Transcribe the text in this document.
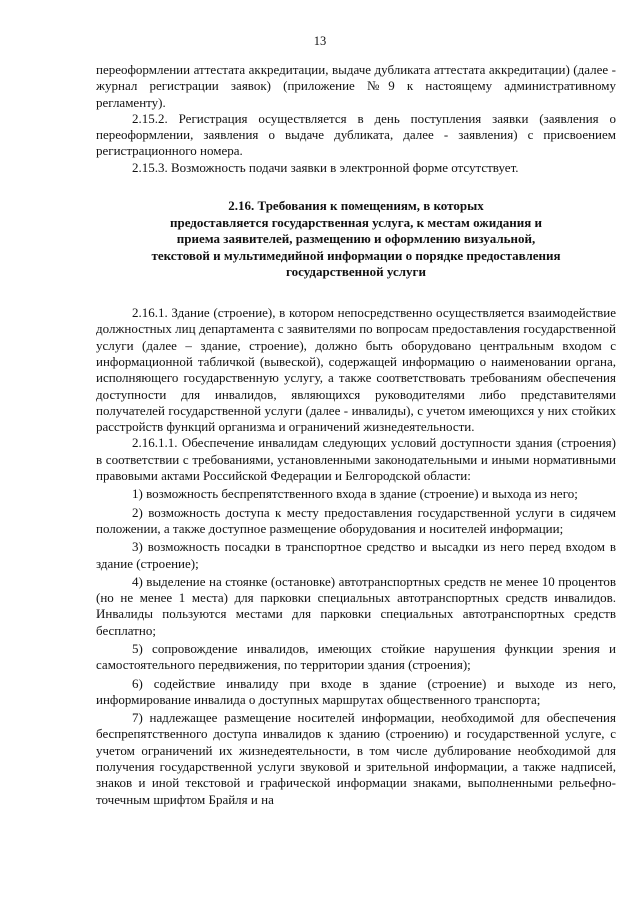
13

переоформлении аттестата аккредитации, выдаче дубликата аттестата аккредитации) (далее - журнал регистрации заявок) (приложение №9 к настоящему административному регламенту).

2.15.2. Регистрация осуществляется в день поступления заявки (заявления о переоформлении, заявления о выдаче дубликата, далее - заявления) с присвоением регистрационного номера.

2.15.3. Возможность подачи заявки в электронной форме отсутствует.

2.16. Требования к помещениям, в которых
предоставляется государственная услуга, к местам ожидания и
приема заявителей, размещению и оформлению визуальной,
текстовой и мультимедийной информации о порядке предоставления
государственной услуги

2.16.1. Здание (строение), в котором непосредственно осуществляется взаимодействие должностных лиц департамента с заявителями по вопросам предоставления государственной услуги (далее – здание, строение), должно быть оборудовано центральным входом с информационной табличкой (вывеской), содержащей информацию о наименовании органа, исполняющего государственную услугу, а также соответствовать требованиям обеспечения доступности для инвалидов, являющихся руководителями либо представителями получателей государственной услуги (далее - инвалиды), с учетом имеющихся у них стойких расстройств функций организма и ограничений жизнедеятельности.

2.16.1.1. Обеспечение инвалидам следующих условий доступности здания (строения) в соответствии с требованиями, установленными законодательными и иными нормативными правовыми актами Российской Федерации и Белгородской области:

1) возможность беспрепятственного входа в здание (строение) и выхода из него;

2) возможность доступа к месту предоставления государственной услуги в сидячем положении, а также доступное размещение оборудования и носителей информации;

3) возможность посадки в транспортное средство и высадки из него перед входом в здание (строение);

4) выделение на стоянке (остановке) автотранспортных средств не менее 10 процентов (но не менее 1 места) для парковки специальных автотранспортных средств инвалидов. Инвалиды пользуются местами для парковки специальных автотранспортных средств бесплатно;

5) сопровождение инвалидов, имеющих стойкие нарушения функции зрения и самостоятельного передвижения, по территории здания (строения);

6) содействие инвалиду при входе в здание (строение) и выходе из него, информирование инвалида о доступных маршрутах общественного транспорта;

7) надлежащее размещение носителей информации, необходимой для обеспечения беспрепятственного доступа инвалидов к зданию (строению) и государственной услуге, с учетом ограничений их жизнедеятельности, в том числе дублирование необходимой для получения государственной услуги звуковой и зрительной информации, а также надписей, знаков и иной текстовой и графической информации знаками, выполненными рельефно-точечным шрифтом Брайля и на
